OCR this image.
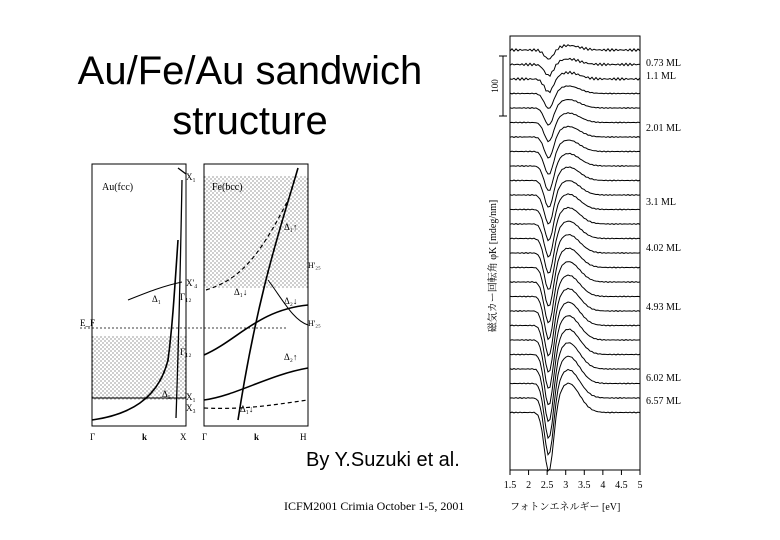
Au/Fe/Au sandwich structure
By Y.Suzuki et al.
ICFM2001 Crimia October 1-5, 2001
Au(fcc)
X₁
X'₄
Γ₁₂
Γ₁₂
X₁
X₃
Δ₁
Δ₅
E_F
Fe(bcc)
Δ₁↑
Δ₁↓
Δ₂↓
Δ₂↑
Δ₁↓
H'₂₅
H'₂₅
Γ	k	X Γ	k	H
100
磁気カー回転角 φK [mdeg/nm]
0.73 ML
1.1 ML
2.01 ML
3.1 ML
4.02 ML
4.93 ML
6.02 ML
6.57 ML
1.5 2 2.5 3 3.5 4 4.5 5
フォトンエネルギー [eV]
